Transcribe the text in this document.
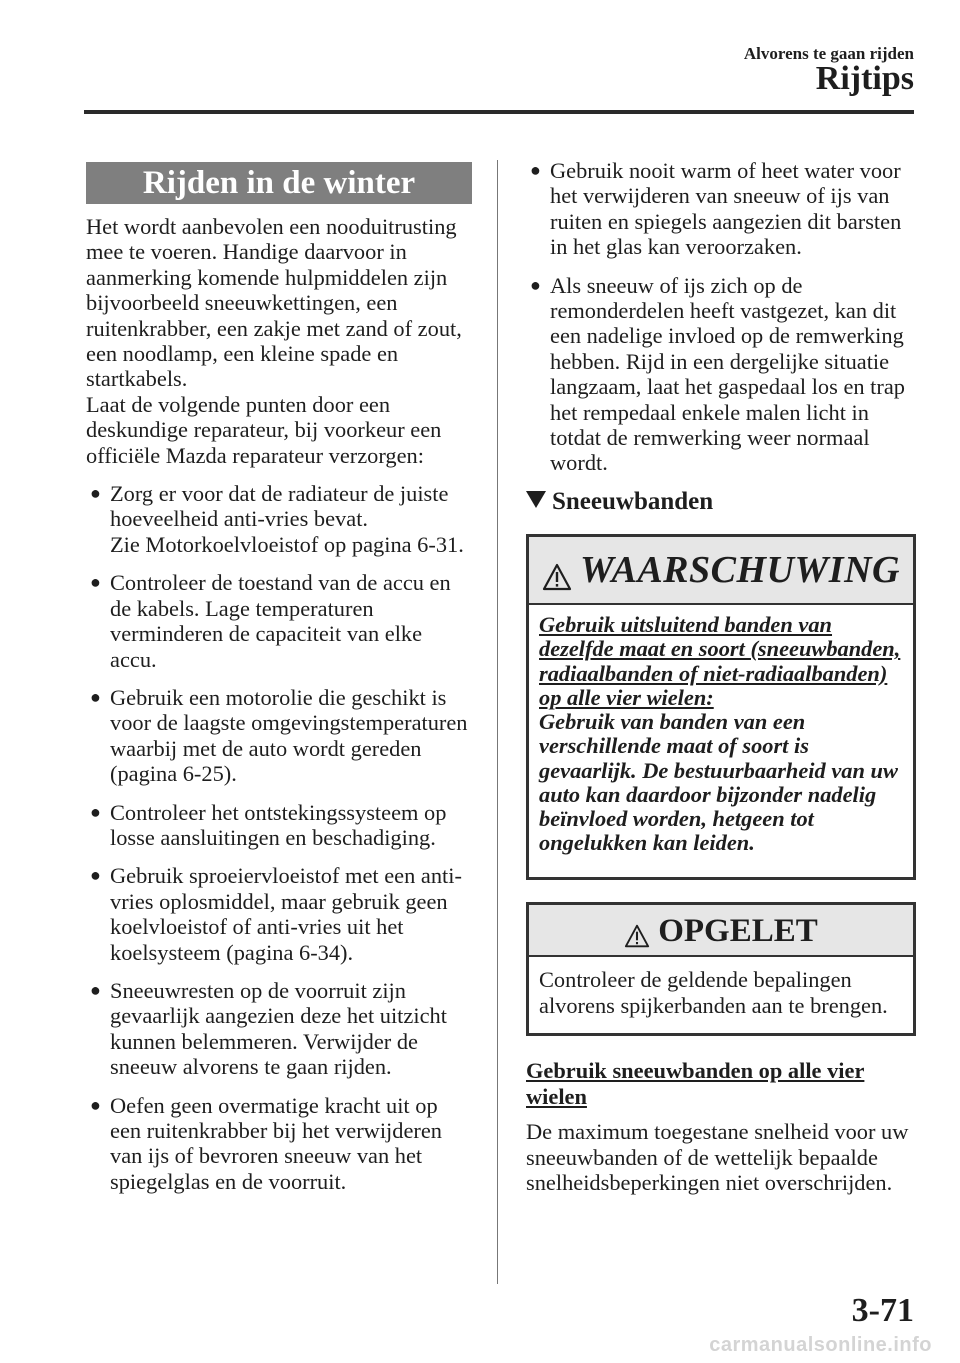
Alvorens te gaan rijden
Rijtips
Rijden in de winter

Het wordt aanbevolen een nooduitrusting mee te voeren. Handige daarvoor in aanmerking komende hulpmiddelen zijn bijvoorbeeld sneeuwkettingen, een ruitenkrabber, een zakje met zand of zout, een noodlamp, een kleine spade en startkabels.

Laat de volgende punten door een deskundige reparateur, bij voorkeur een officiële Mazda reparateur verzorgen:

● Zorg er voor dat de radiateur de juiste hoeveelheid anti-vries bevat.
Zie Motorkoelvloeistof op pagina 6-31.
● Controleer de toestand van de accu en de kabels. Lage temperaturen verminderen de capaciteit van elke accu.
● Gebruik een motorolie die geschikt is voor de laagste omgevingstemperaturen waarbij met de auto wordt gereden (pagina 6-25).
● Controleer het ontstekingssysteem op losse aansluitingen en beschadiging.
● Gebruik sproeiervloeistof met een anti-vries oplosmiddel, maar gebruik geen koelvloeistof of anti-vries uit het koelsysteem (pagina 6-34).
● Sneeuwresten op de voorruit zijn gevaarlijk aangezien deze het uitzicht kunnen belemmeren. Verwijder de sneeuw alvorens te gaan rijden.
● Oefen geen overmatige kracht uit op een ruitenkrabber bij het verwijderen van ijs of bevroren sneeuw van het spiegelglas en de voorruit.
● Gebruik nooit warm of heet water voor het verwijderen van sneeuw of ijs van ruiten en spiegels aangezien dit barsten in het glas kan veroorzaken.
● Als sneeuw of ijs zich op de remonderdelen heeft vastgezet, kan dit een nadelige invloed op de remwerking hebben. Rijd in een dergelijke situatie langzaam, laat het gaspedaal los en trap het rempedaal enkele malen licht in totdat de remwerking weer normaal wordt.
Sneeuwbanden
WAARSCHUWING
Gebruik uitsluitend banden van dezelfde maat en soort (sneeuwbanden, radiaalbanden of niet-radiaalbanden) op alle vier wielen:
Gebruik van banden van een verschillende maat of soort is gevaarlijk. De bestuurbaarheid van uw auto kan daardoor bijzonder nadelig beïnvloed worden, hetgeen tot ongelukken kan leiden.
OPGELET
Controleer de geldende bepalingen alvorens spijkerbanden aan te brengen.
Gebruik sneeuwbanden op alle vier wielen

De maximum toegestane snelheid voor uw sneeuwbanden of de wettelijk bepaalde snelheidsbeperkingen niet overschrijden.

3-71
carmanualsonline.info
